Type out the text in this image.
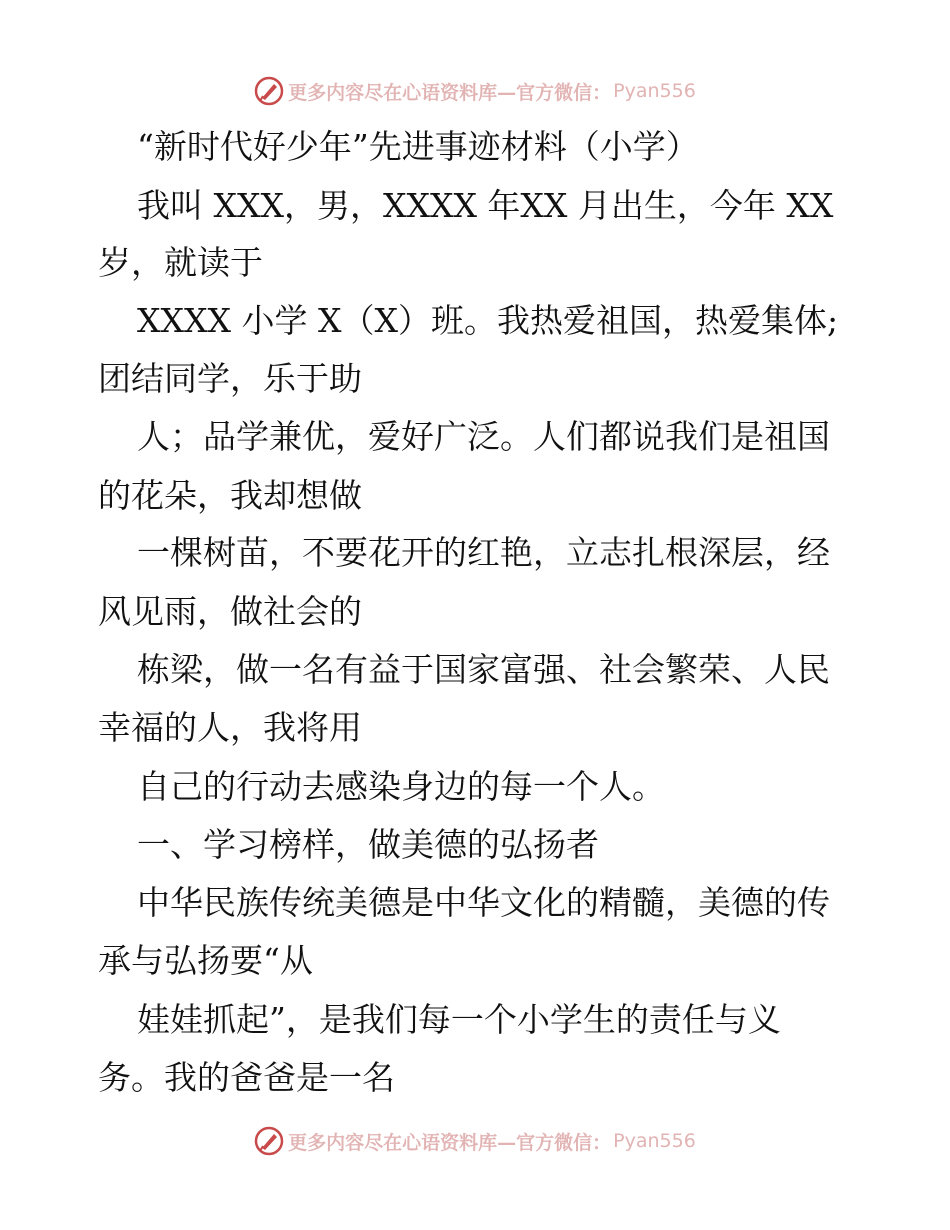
更多内容尽在心语资料库—官方微信： Pyan556
“新时代好少年”先进事迹材料（小学）
我叫 XXX，男，XXXX 年XX 月出生，今年 XX
岁，就读于
XXXX 小学 X（X）班。我热爱祖国，热爱集体;
团结同学，乐于助
人；品学兼优，爱好广泛。人们都说我们是祖国
的花朵，我却想做
一棵树苗，不要花开的红艳，立志扎根深层，经
风见雨，做社会的
栋梁，做一名有益于国家富强、社会繁荣、人民
幸福的人，我将用
自己的行动去感染身边的每一个人。
一、学习榜样，做美德的弘扬者
中华民族传统美德是中华文化的精髓，美德的传
承与弘扬要“从
娃娃抓起”，是我们每一个小学生的责任与义
务。我的爸爸是一名
更多内容尽在心语资料库—官方微信： Pyan556
